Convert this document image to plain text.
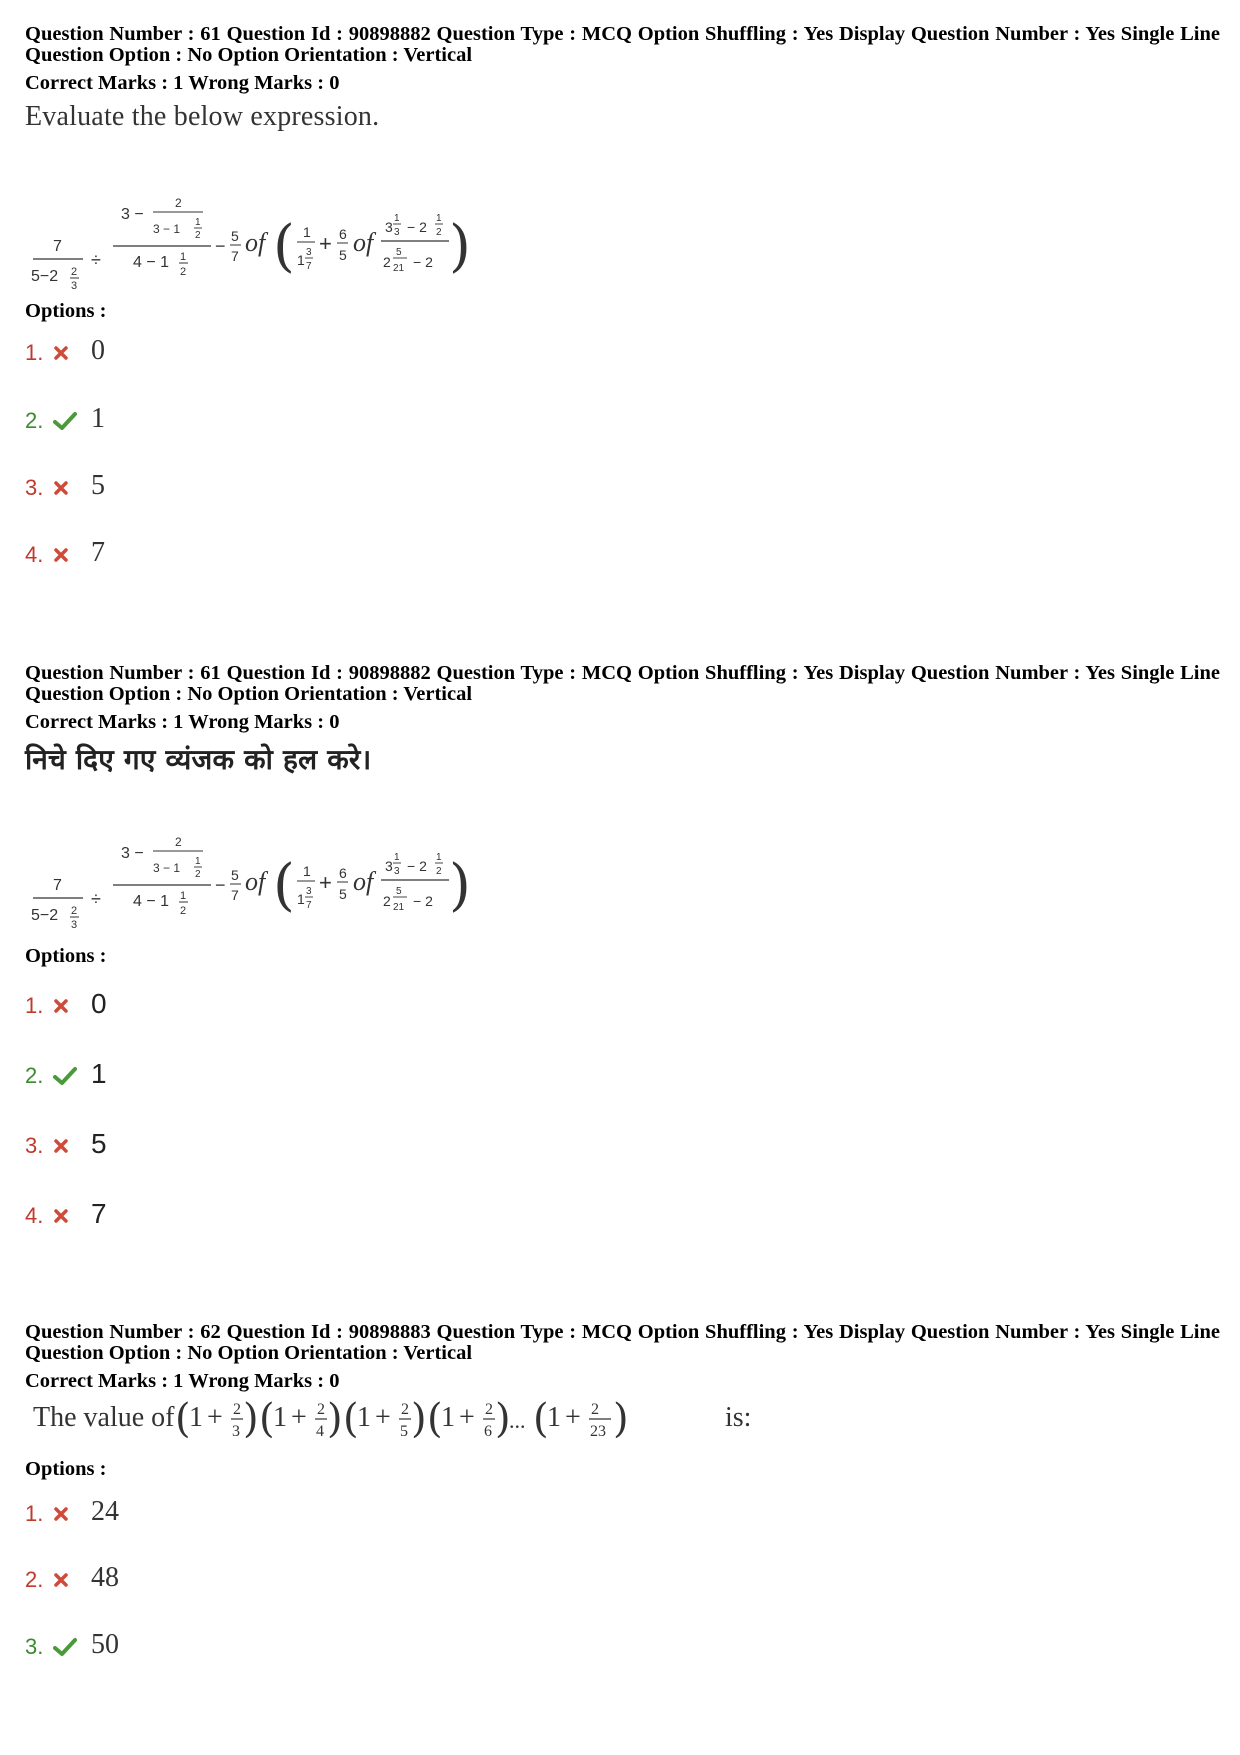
Question Number : 61 Question Id : 90898882 Question Type : MCQ Option Shuffling : Yes Display Question Number : Yes Single Line Question Option : No Option Orientation : Vertical

Correct Marks : 1 Wrong Marks : 0
Evaluate the below expression.
7
5−2 2
3
÷
3 −
2
3 − 1 1
2
4 − 1 1
2
− 5
7 of ( 1
1 3
7
+ 6
5 of
3
1
3 − 2
1
2
2
5
21 − 2 )
Options :
1.	0
2.	1
3.	5
4.	7

Question Number : 61 Question Id : 90898882 Question Type : MCQ Option Shuffling : Yes Display Question Number : Yes Single Line Question Option : No Option Orientation : Vertical

Correct Marks : 1 Wrong Marks : 0
निचे दिए गए व्यंजक को हल करे।
7
5−2 2
3
÷
3 −
2
3 − 1 1
2
4 − 1 1
2
− 5
7 of ( 1
1 3
7
+ 6
5 of
3
1
3 − 2
1
2
2
5
21 − 2 )
Options :
1.	0
2.	1
3.	5
4.	7

Question Number : 62 Question Id : 90898883 Question Type : MCQ Option Shuffling : Yes Display Question Number : Yes Single Line Question Option : No Option Orientation : Vertical

Correct Marks : 1 Wrong Marks : 0
The value of (
1 + 2
3 ) (
1 + 2
4 ) (
1 + 2
5 ) (
1 + 2
6 )
... (
1 + 2
23 )	is:
Options :
1.	24
2.	48
3.	50
